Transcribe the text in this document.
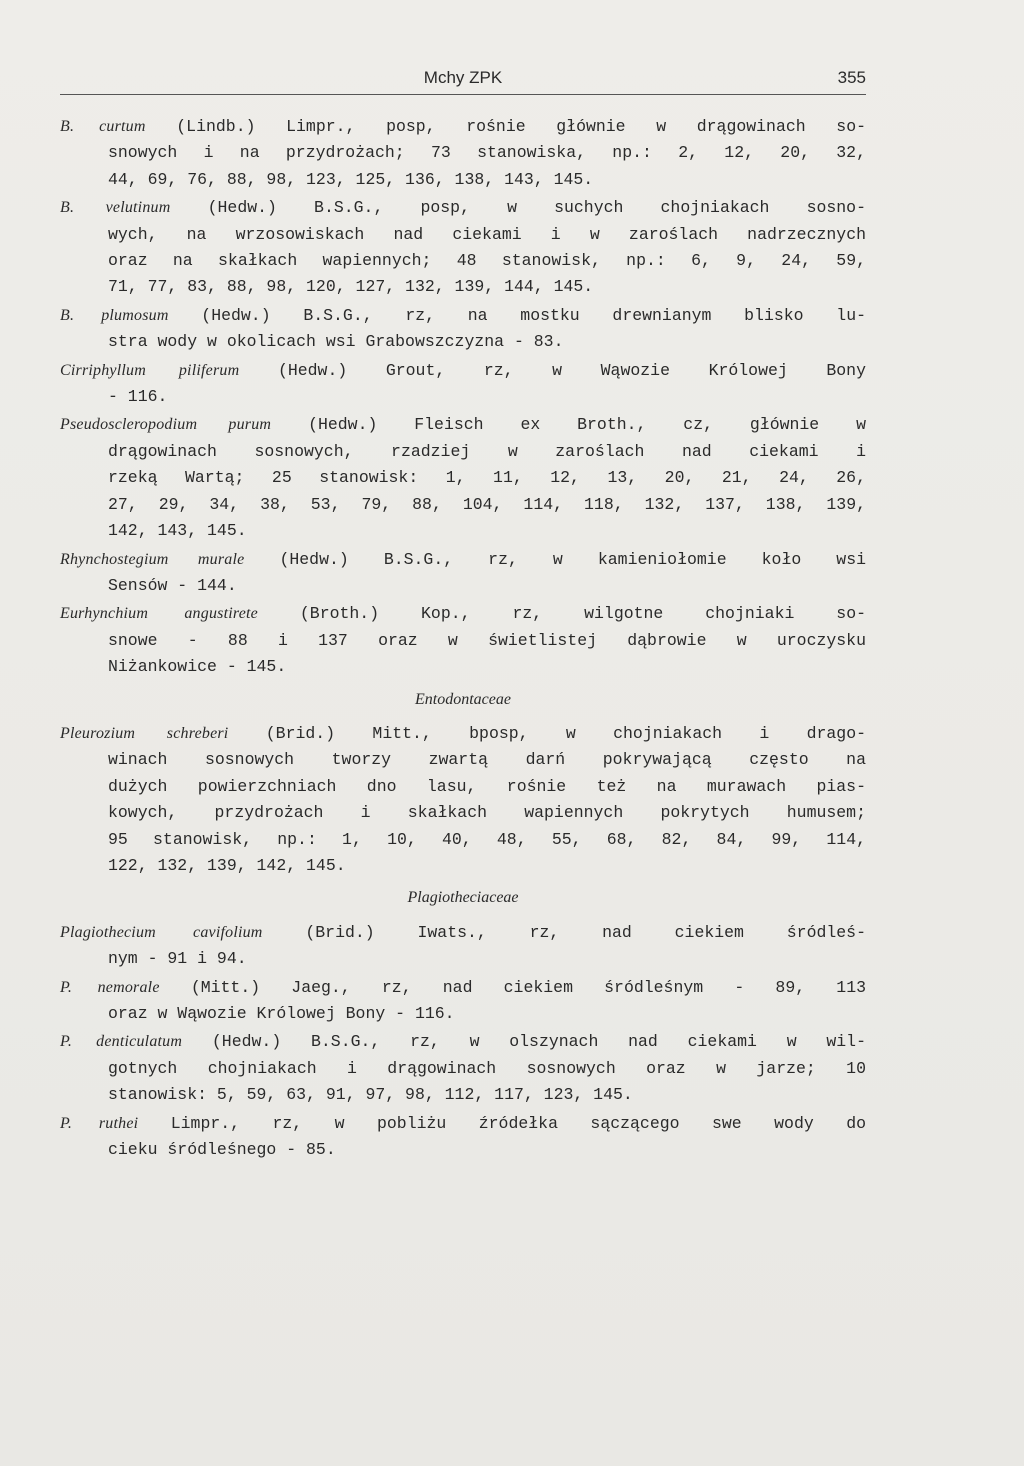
Mchy ZPK	355

B. curtum (Lindb.) Limpr., posp, rośnie głównie w drągowinach so-

snowych i na przydrożach; 73 stanowiska, np.: 2, 12, 20, 32,

44, 69, 76, 88, 98, 123, 125, 136, 138, 143, 145.

B. velutinum (Hedw.) B.S.G., posp, w suchych chojniakach sosno-

wych, na wrzosowiskach nad ciekami i w zaroślach nadrzecznych

oraz na skałkach wapiennych; 48 stanowisk, np.: 6, 9, 24, 59,

71, 77, 83, 88, 98, 120, 127, 132, 139, 144, 145.

B. plumosum (Hedw.) B.S.G., rz, na mostku drewnianym blisko lu-

stra wody w okolicach wsi Grabowszczyzna - 83.

Cirriphyllum piliferum (Hedw.) Grout, rz, w Wąwozie Królowej Bony

- 116.

Pseudoscleropodium purum (Hedw.) Fleisch ex Broth., cz, głównie w

drągowinach sosnowych, rzadziej w zaroślach nad ciekami i

rzeką Wartą; 25 stanowisk: 1, 11, 12, 13, 20, 21, 24, 26,

27, 29, 34, 38, 53, 79, 88, 104, 114, 118, 132, 137, 138, 139,

142, 143, 145.

Rhynchostegium murale (Hedw.) B.S.G., rz, w kamieniołomie koło wsi

Sensów - 144.

Eurhynchium angustirete	(Broth.) Kop., rz, wilgotne chojniaki so-

snowe - 88 i 137 oraz w świetlistej dąbrowie w uroczysku

Niżankowice - 145.

Entodontaceae

Pleurozium schreberi (Brid.) Mitt., bposp, w chojniakach i drago-

winach sosnowych tworzy zwartą darń pokrywającą często na

dużych powierzchniach dno lasu, rośnie też na murawach pias-

kowych, przydrożach i skałkach wapiennych pokrytych humusem;

95 stanowisk, np.: 1, 10, 40, 48, 55, 68, 82, 84, 99, 114,

122, 132, 139, 142, 145.

Plagiotheciaceae

Plagiothecium cavifolium	(Brid.) Iwats., rz, nad ciekiem śródleś-

nym - 91 i 94.

P. nemorale (Mitt.) Jaeg., rz, nad ciekiem śródleśnym - 89, 113

oraz w Wąwozie Królowej Bony - 116.

P. denticulatum (Hedw.) B.S.G., rz, w olszynach nad ciekami w wil-

gotnych chojniakach i drągowinach sosnowych oraz w jarze; 10

stanowisk: 5, 59, 63, 91, 97, 98, 112, 117, 123, 145.

P. ruthei Limpr., rz, w pobliżu źródełka sączącego swe wody do

cieku śródleśnego - 85.
